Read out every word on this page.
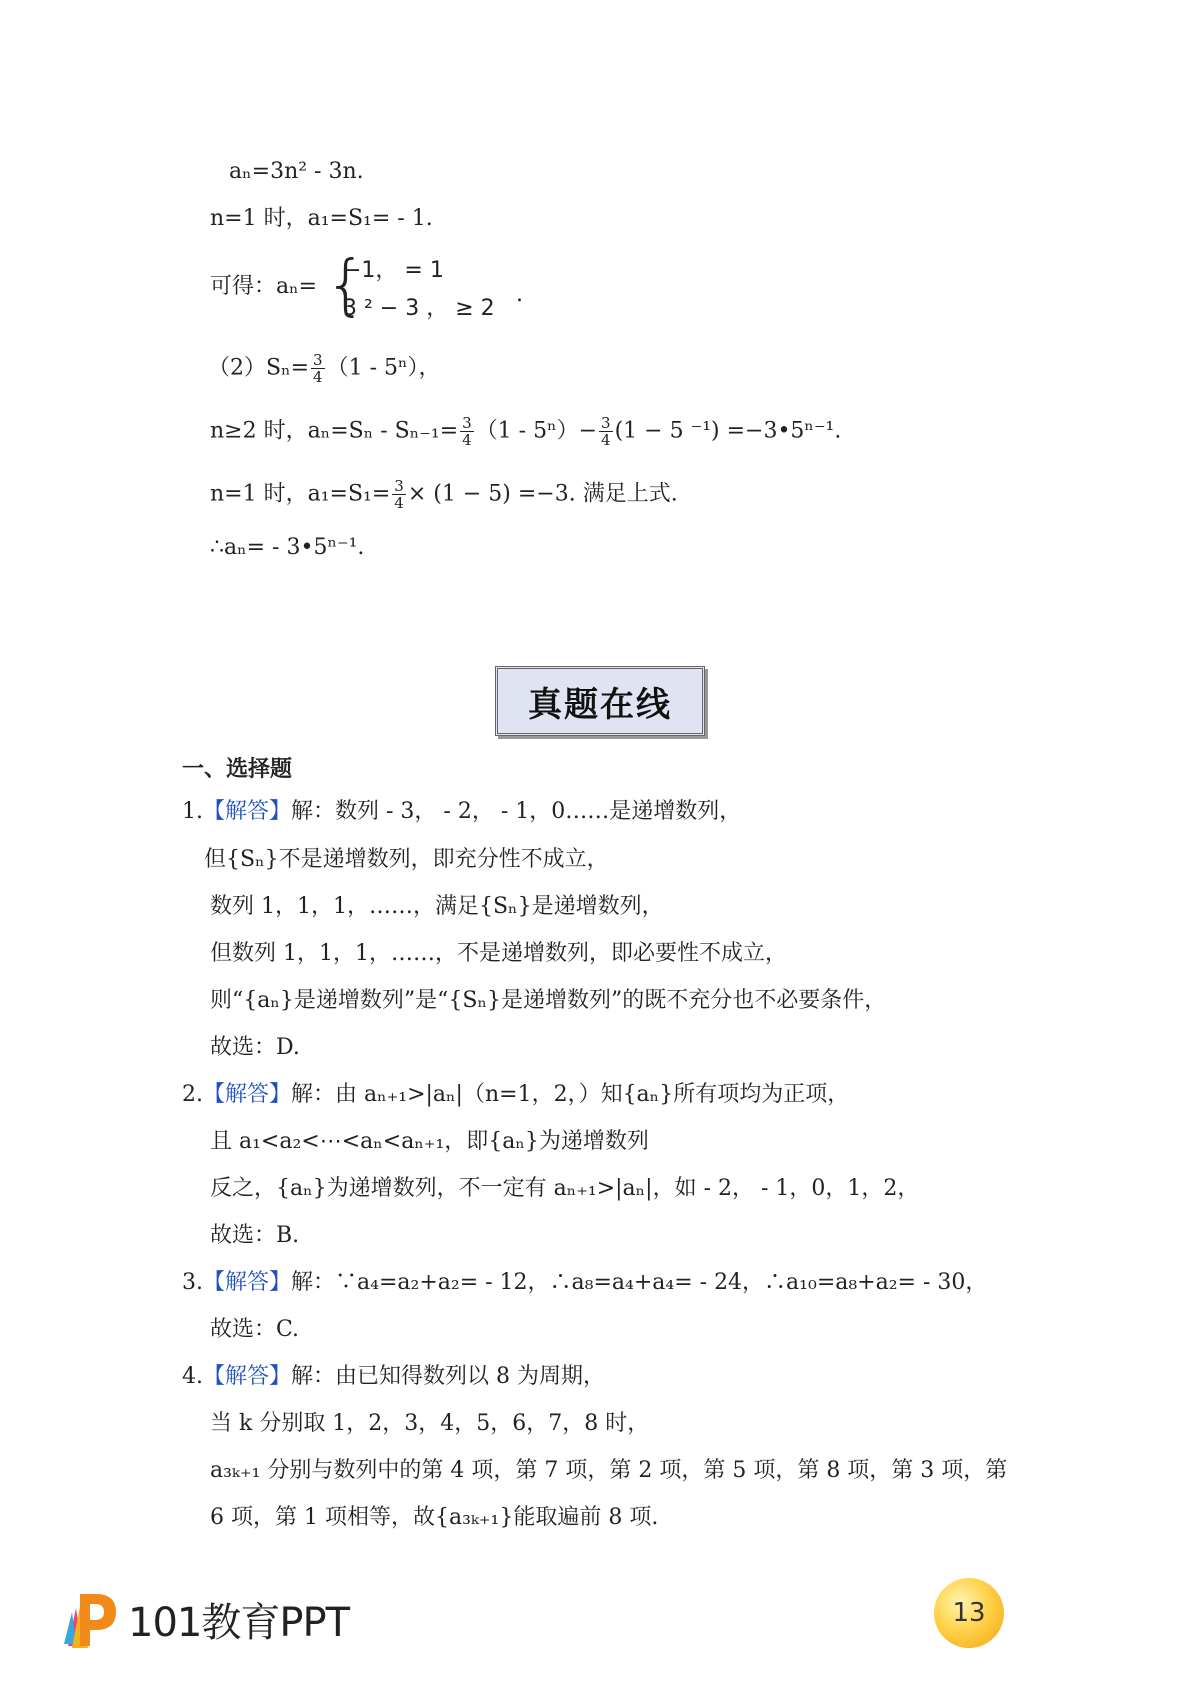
aₙ=3n² - 3n.
n=1 时，a₁=S₁= - 1.
可得：aₙ= {
−1， = 1
3 ² − 3 ， ≥ 2
.
$(2)S_n= \frac{3}{4} (1 - 5^n)$，
n≥2 时，$a_n=S_n - S_{n-1}= \frac{3}{4} (1 - 5^n)- \frac{3}{4} (1 - 5$ ⁻¹) =−3•5ⁿ⁻¹.
n=1 时，$a_1=S_1= \frac{3}{4} \times (1 - 5) =-3$. 满足上式.
∴aₙ= - 3•5ⁿ⁻¹.
真题在线
一、选择题
1.【解答】解：数列 - 3， - 2， - 1，0……是递增数列，
但{Sₙ}不是递增数列，即充分性不成立，
数列 1，1，1，……，满足{Sₙ}是递增数列，
但数列 1，1，1，……，不是递增数列，即必要性不成立，
则“{aₙ}是递增数列”是“{Sₙ}是递增数列”的既不充分也不必要条件，
故选：D.
2.【解答】解：由 aₙ₊₁>|aₙ|（n=1，2，）知{aₙ}所有项均为正项，
且 a₁<a₂<⋯<aₙ<aₙ₊₁，即{aₙ}为递增数列
反之，{aₙ}为递增数列，不一定有 aₙ₊₁>|aₙ|，如 - 2， - 1，0，1，2，
故选：B.
3.【解答】解：∵a₄=a₂+a₂= - 12，∴a₈=a₄+a₄= - 24，∴a₁₀=a₈+a₂= - 30，
故选：C.
4.【解答】解：由已知得数列以 8 为周期，
当 k 分别取 1，2，3，4，5，6，7，8 时，
a₃ₖ₊₁ 分别与数列中的第 4 项，第 7 项，第 2 项，第 5 项，第 8 项，第 3 项，第
6 项，第 1 项相等，故{a₃ₖ₊₁}能取遍前 8 项.
101教育PPT	13
